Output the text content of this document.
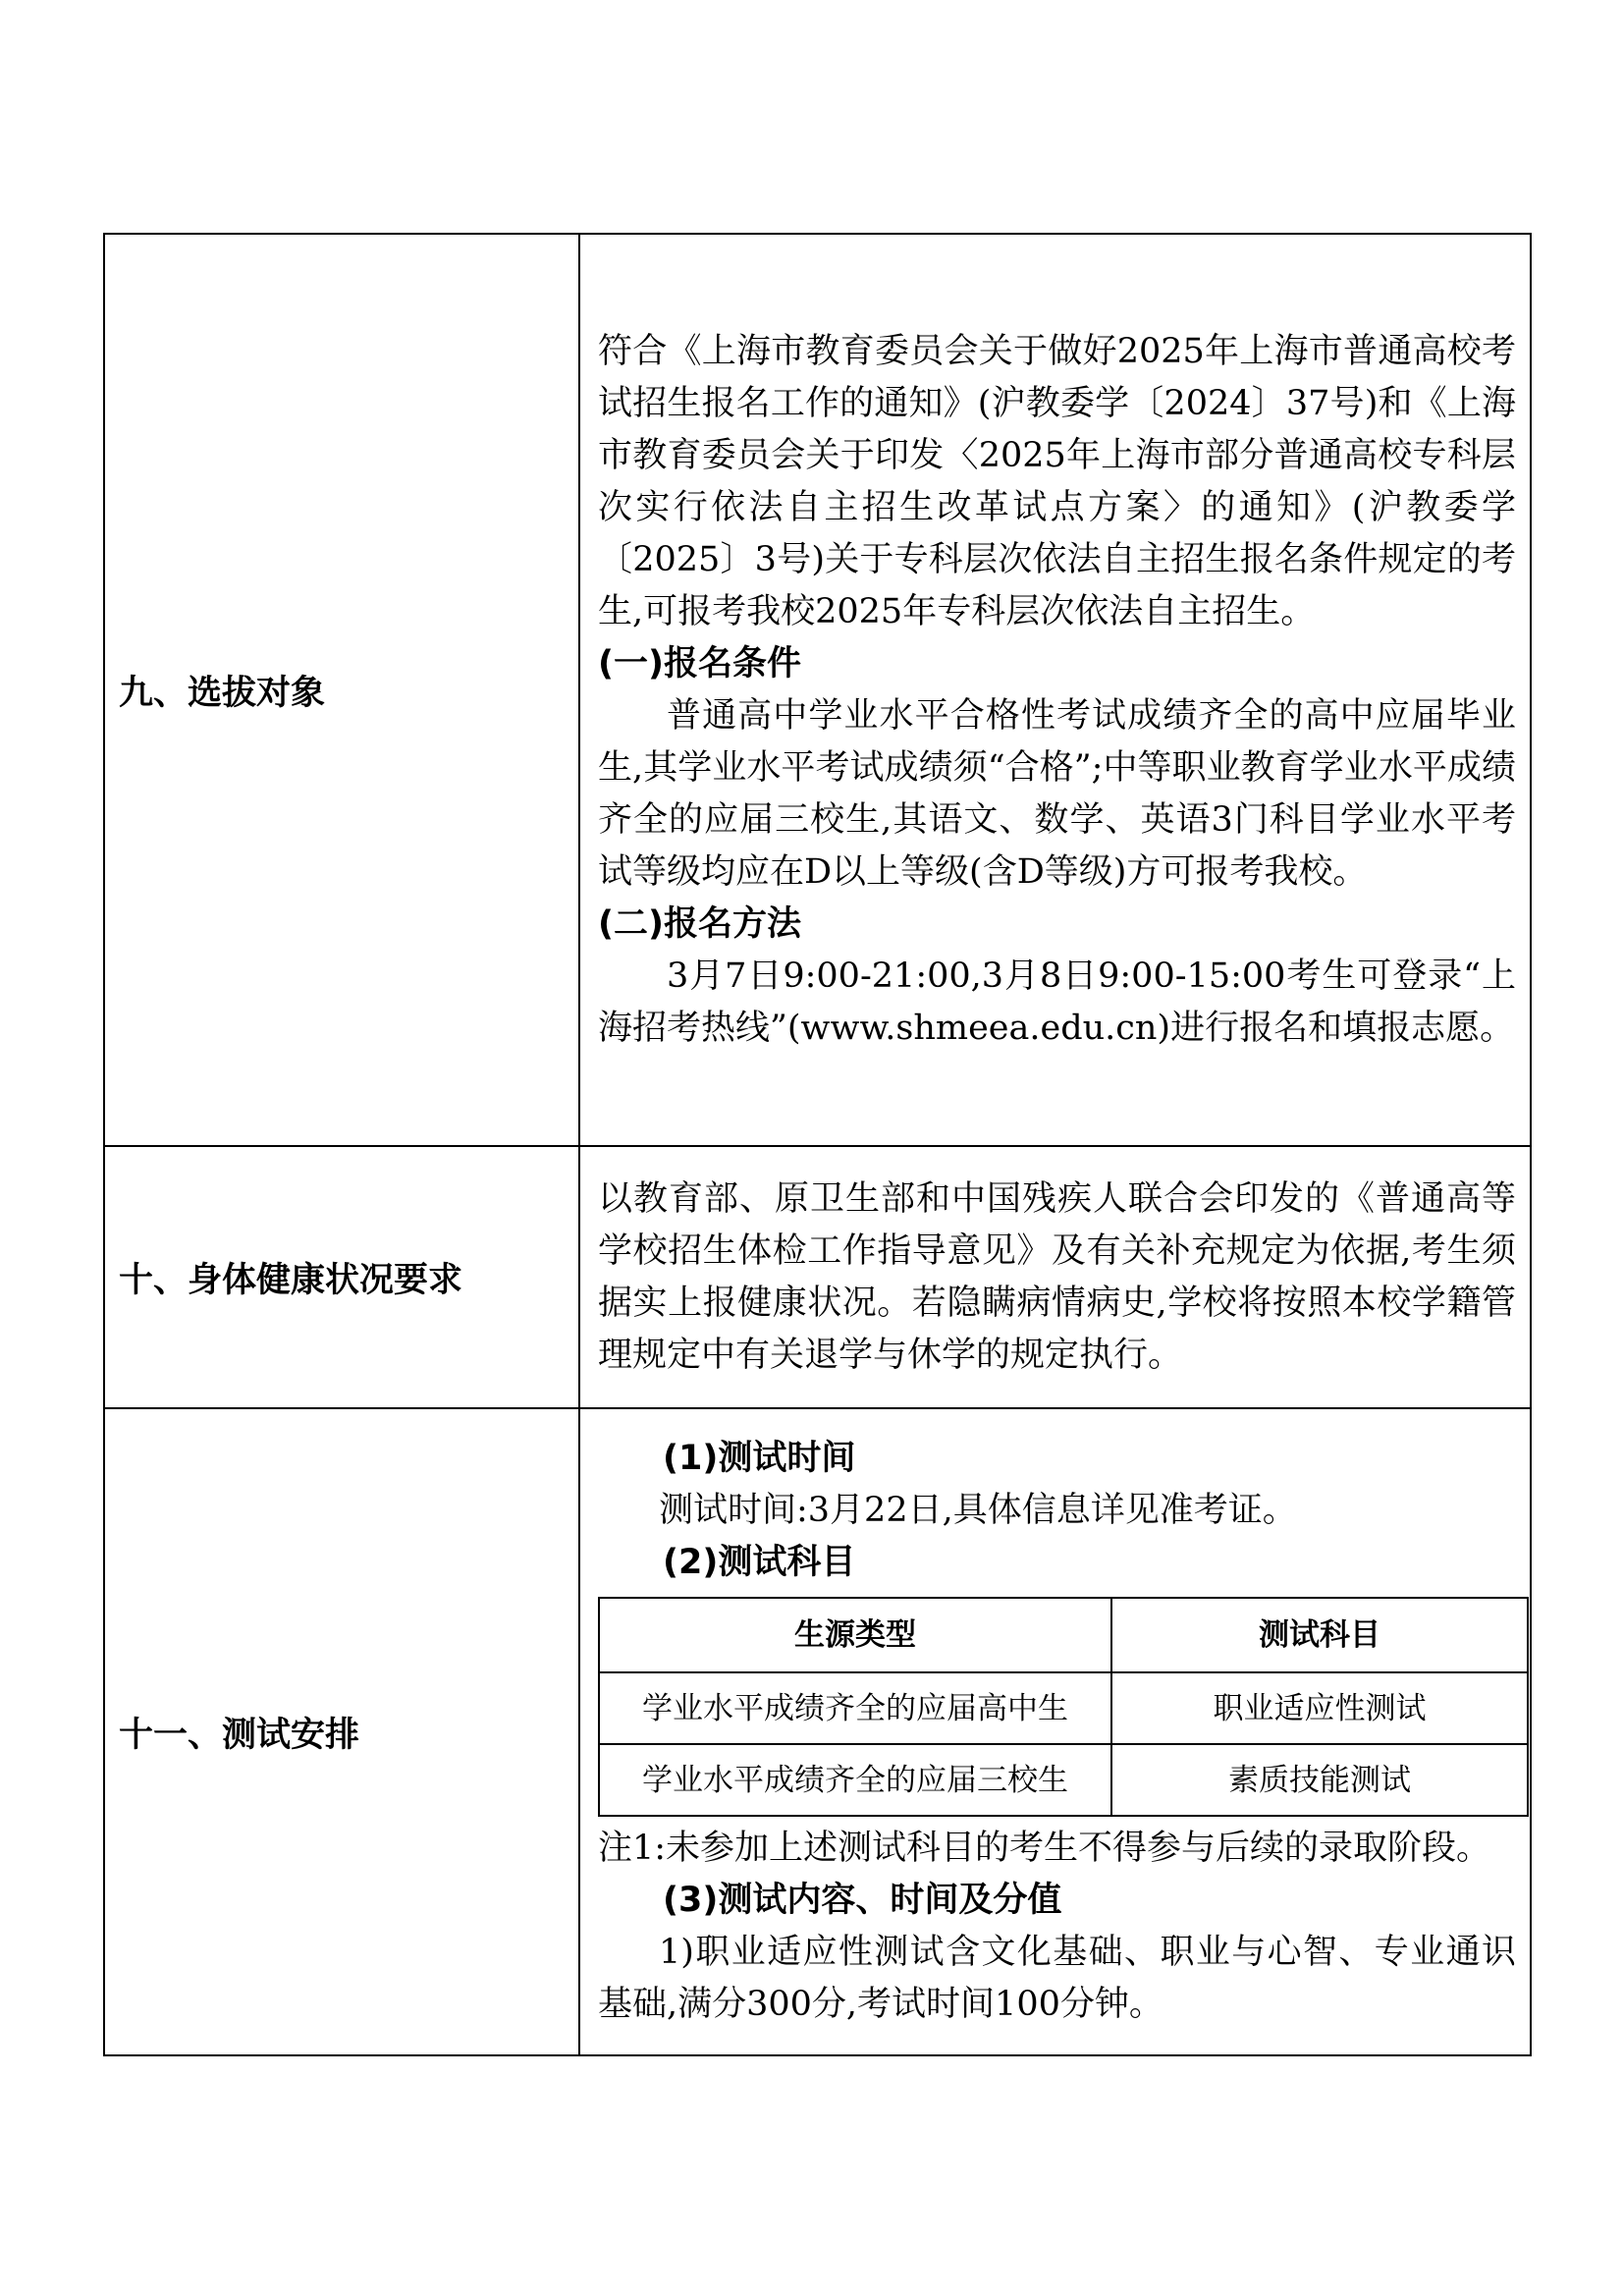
九、选拔对象	

符合《上海市教育委员会关于做好2025年上海市普通高校考试招生报名工作的通知》(沪教委学〔2024〕37号)和《上海市教育委员会关于印发〈2025年上海市部分普通高校专科层次实行依法自主招生改革试点方案〉的通知》(沪教委学〔2025〕3号)关于专科层次依法自主招生报名条件规定的考生,可报考我校2025年专科层次依法自主招生。

(一)报名条件

普通高中学业水平合格性考试成绩齐全的高中应届毕业生,其学业水平考试成绩须“合格”;中等职业教育学业水平成绩齐全的应届三校生,其语文、数学、英语3门科目学业水平考试等级均应在D以上等级(含D等级)方可报考我校。

(二)报名方法

3月7日9:00-21:00,3月8日9:00-15:00考生可登录“上海招考热线”(www.shmeea.edu.cn)进行报名和填报志愿。

十、身体健康状况要求	

以教育部、原卫生部和中国残疾人联合会印发的《普通高等学校招生体检工作指导意见》及有关补充规定为依据,考生须据实上报健康状况。若隐瞒病情病史,学校将按照本校学籍管理规定中有关退学与休学的规定执行。

十一、测试安排	

(1)测试时间

测试时间:3月22日,具体信息详见准考证。

(2)测试科目

生源类型	测试科目
学业水平成绩齐全的应届高中生	职业适应性测试
学业水平成绩齐全的应届三校生	素质技能测试

注1:未参加上述测试科目的考生不得参与后续的录取阶段。

(3)测试内容、时间及分值

1)职业适应性测试含文化基础、职业与心智、专业通识基础,满分300分,考试时间100分钟。
